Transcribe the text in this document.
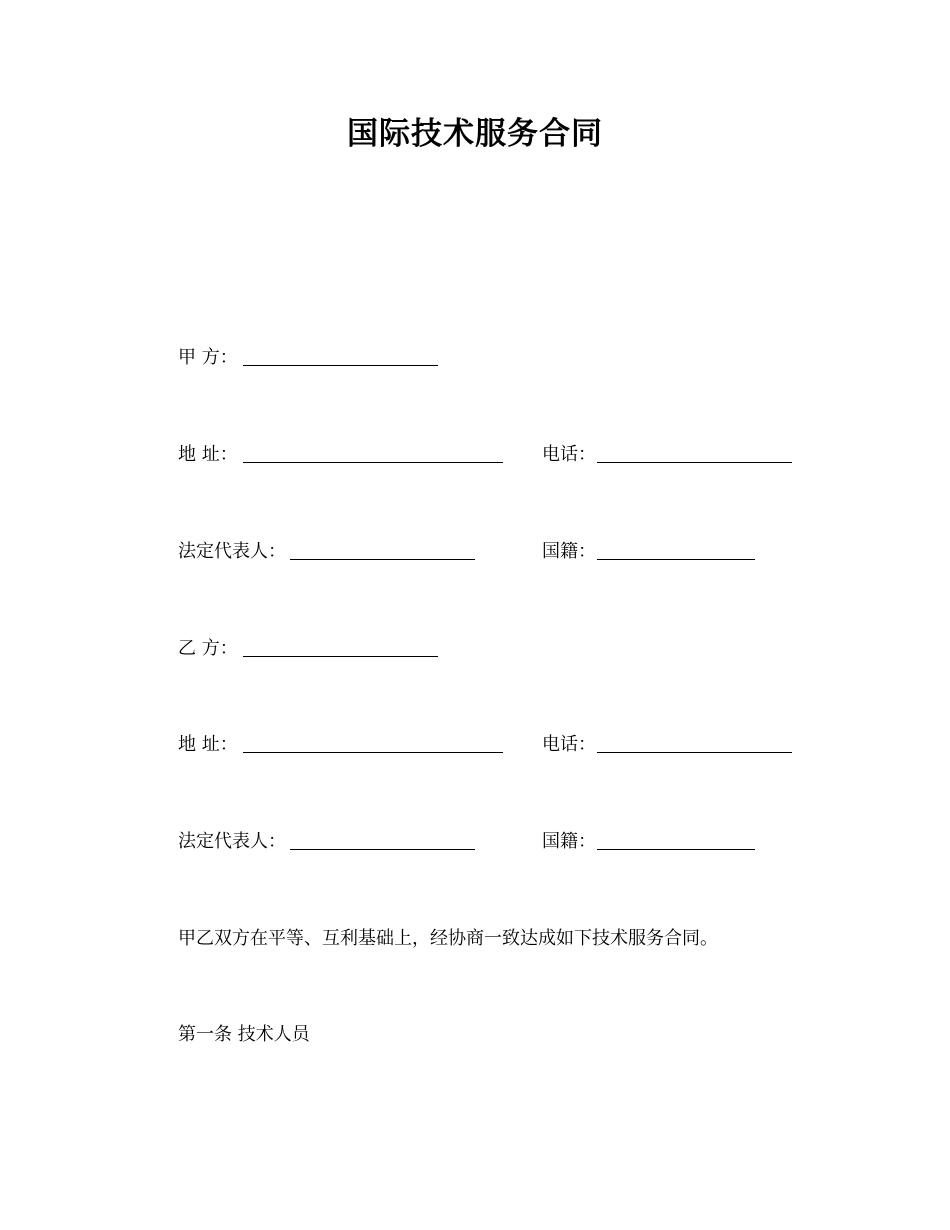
国际技术服务合同
甲 方：
地 址：	电话：
法定代表人：	国籍：
乙 方：
地 址：	电话：
法定代表人：	国籍：
甲乙双方在平等、互利基础上，经协商一致达成如下技术服务合同。
第一条 技术人员
